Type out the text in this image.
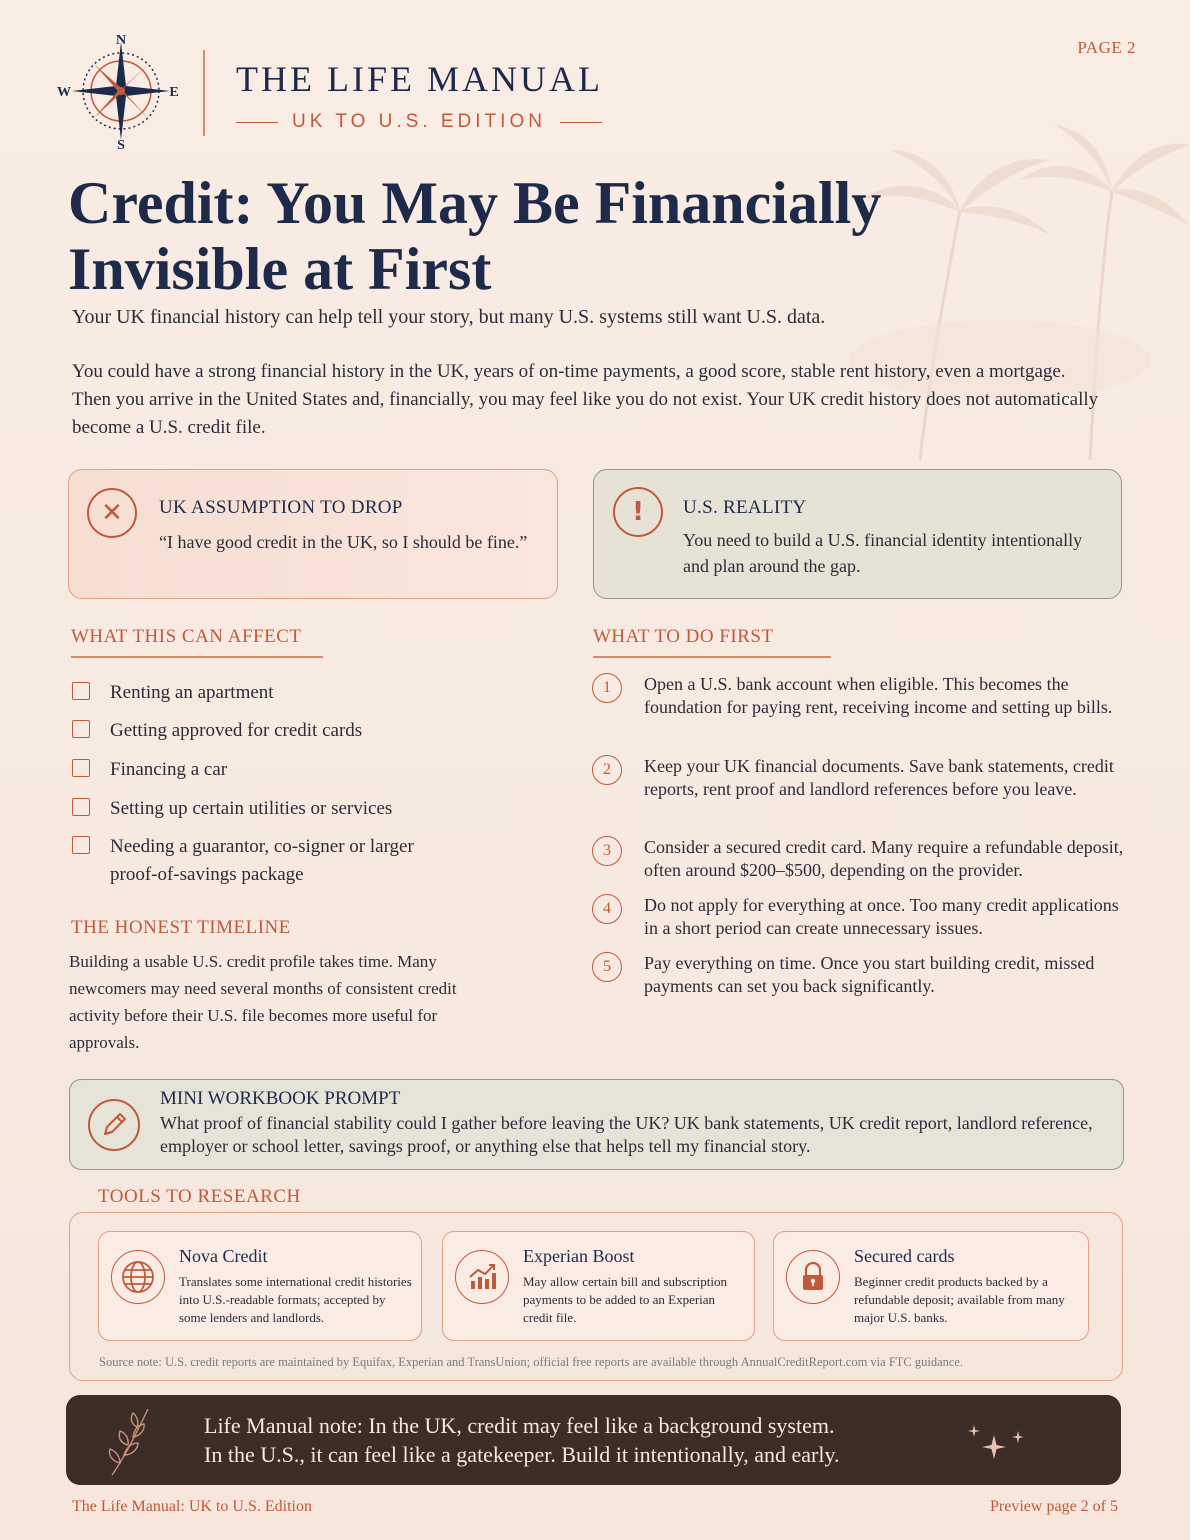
N
S
W	E THE LIFE MANUAL
UK TO U.S. EDITION
PAGE 2
Credit: You May Be Financially
Invisible at First
Your UK financial history can help tell your story, but many U.S. systems still want U.S. data.
You could have a strong financial history in the UK, years of on-time payments, a good score, stable rent history, even a mortgage. Then you arrive in the United States and, financially, you may feel like you do not exist. Your UK credit history does not automatically become a U.S. credit file.
✕	UK ASSUMPTION TO DROP
“I have good credit in the UK, so I should be fine.”
!	U.S. REALITY
You need to build a U.S. financial identity intentionally and plan around the gap.
WHAT THIS CAN AFFECT
Renting an apartment
Getting approved for credit cards
Financing a car
Setting up certain utilities or services
Needing a guarantor, co-signer or larger proof-of-savings package
THE HONEST TIMELINE
Building a usable U.S. credit profile takes time. Many newcomers may need several months of consistent credit activity before their U.S. file becomes more useful for approvals.
WHAT TO DO FIRST
1	Open a U.S. bank account when eligible. This becomes the foundation for paying rent, receiving income and setting up bills.
2	Keep your UK financial documents. Save bank statements, credit reports, rent proof and landlord references before you leave.
3	Consider a secured credit card. Many require a refundable deposit, often around $200–$500, depending on the provider.
4	Do not apply for everything at once. Too many credit applications in a short period can create unnecessary issues.
5	Pay everything on time. Once you start building credit, missed payments can set you back significantly.
MINI WORKBOOK PROMPT
What proof of financial stability could I gather before leaving the UK? UK bank statements, UK credit report, landlord reference, employer or school letter, savings proof, or anything else that helps tell my financial story.
TOOLS TO RESEARCH
Nova Credit
Translates some international credit histories into U.S.-readable formats; accepted by some lenders and landlords.
Experian Boost
May allow certain bill and subscription payments to be added to an Experian credit file.
Secured cards
Beginner credit products backed by a refundable deposit; available from many major U.S. banks.
Source note: U.S. credit reports are maintained by Equifax, Experian and TransUnion; official free reports are available through AnnualCreditReport.com via FTC guidance.
Life Manual note: In the UK, credit may feel like a background system.
In the U.S., it can feel like a gatekeeper. Build it intentionally, and early.
The Life Manual: UK to U.S. Edition	Preview page 2 of 5
